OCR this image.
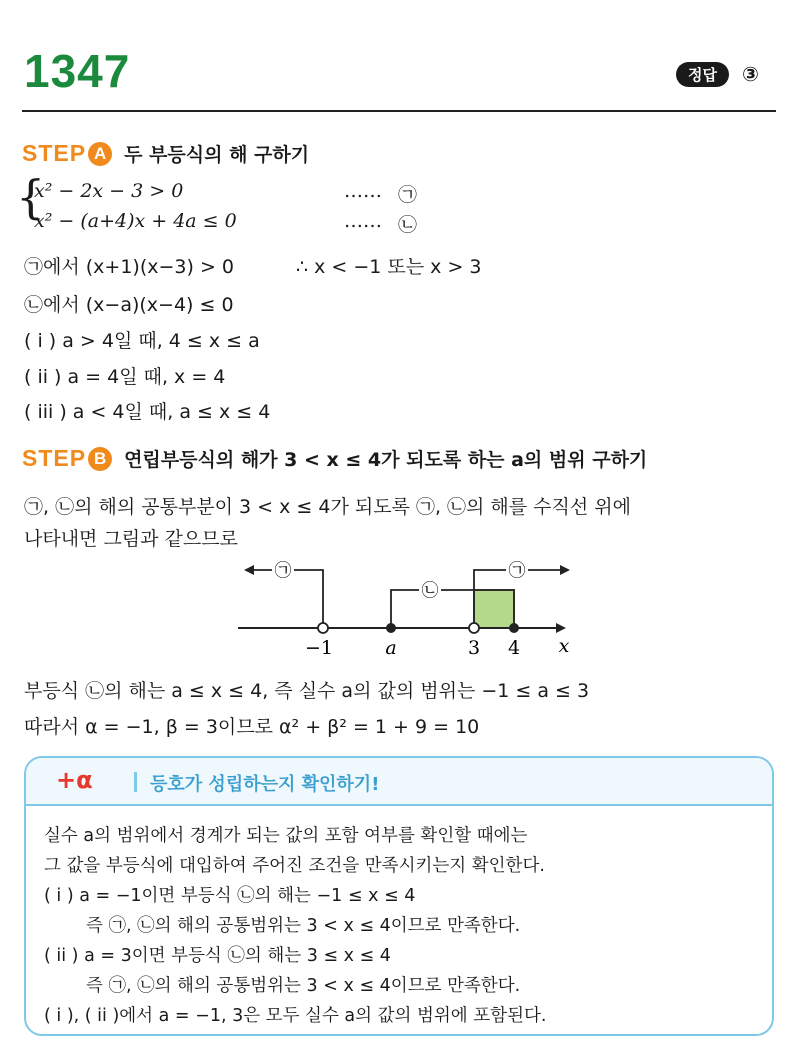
1347	정답	③
STEP A 두 부등식의 해 구하기
{
x² − 2x − 3 > 0	…… ㉠
x² − (a+4)x + 4a ≤ 0	…… ㉡
㉠에서 (x+1)(x−3) > 0	∴ x < −1 또는 x > 3
㉡에서 (x−a)(x−4) ≤ 0
( i ) a > 4일 때, 4 ≤ x ≤ a
( ii ) a = 4일 때, x = 4
( iii ) a < 4일 때, a ≤ x ≤ 4
STEP B 연립부등식의 해가 3 < x ≤ 4가 되도록 하는 a의 범위 구하기
㉠, ㉡의 해의 공통부분이 3 < x ≤ 4가 되도록 ㉠, ㉡의 해를 수직선 위에
나타내면 그림과 같으므로
㉠
㉡
㉠
−1	a	3 4 x
부등식 ㉡의 해는 a ≤ x ≤ 4, 즉 실수 a의 값의 범위는 −1 ≤ a ≤ 3
따라서 α = −1, β = 3이므로 α² + β² = 1 + 9 = 10
+α	등호가 성립하는지 확인하기!
실수 a의 범위에서 경계가 되는 값의 포함 여부를 확인할 때에는
그 값을 부등식에 대입하여 주어진 조건을 만족시키는지 확인한다.
( i ) a = −1이면 부등식 ㉡의 해는 −1 ≤ x ≤ 4
즉 ㉠, ㉡의 해의 공통범위는 3 < x ≤ 4이므로 만족한다.
( ii ) a = 3이면 부등식 ㉡의 해는 3 ≤ x ≤ 4
즉 ㉠, ㉡의 해의 공통범위는 3 < x ≤ 4이므로 만족한다.
( i ), ( ii )에서 a = −1, 3은 모두 실수 a의 값의 범위에 포함된다.
